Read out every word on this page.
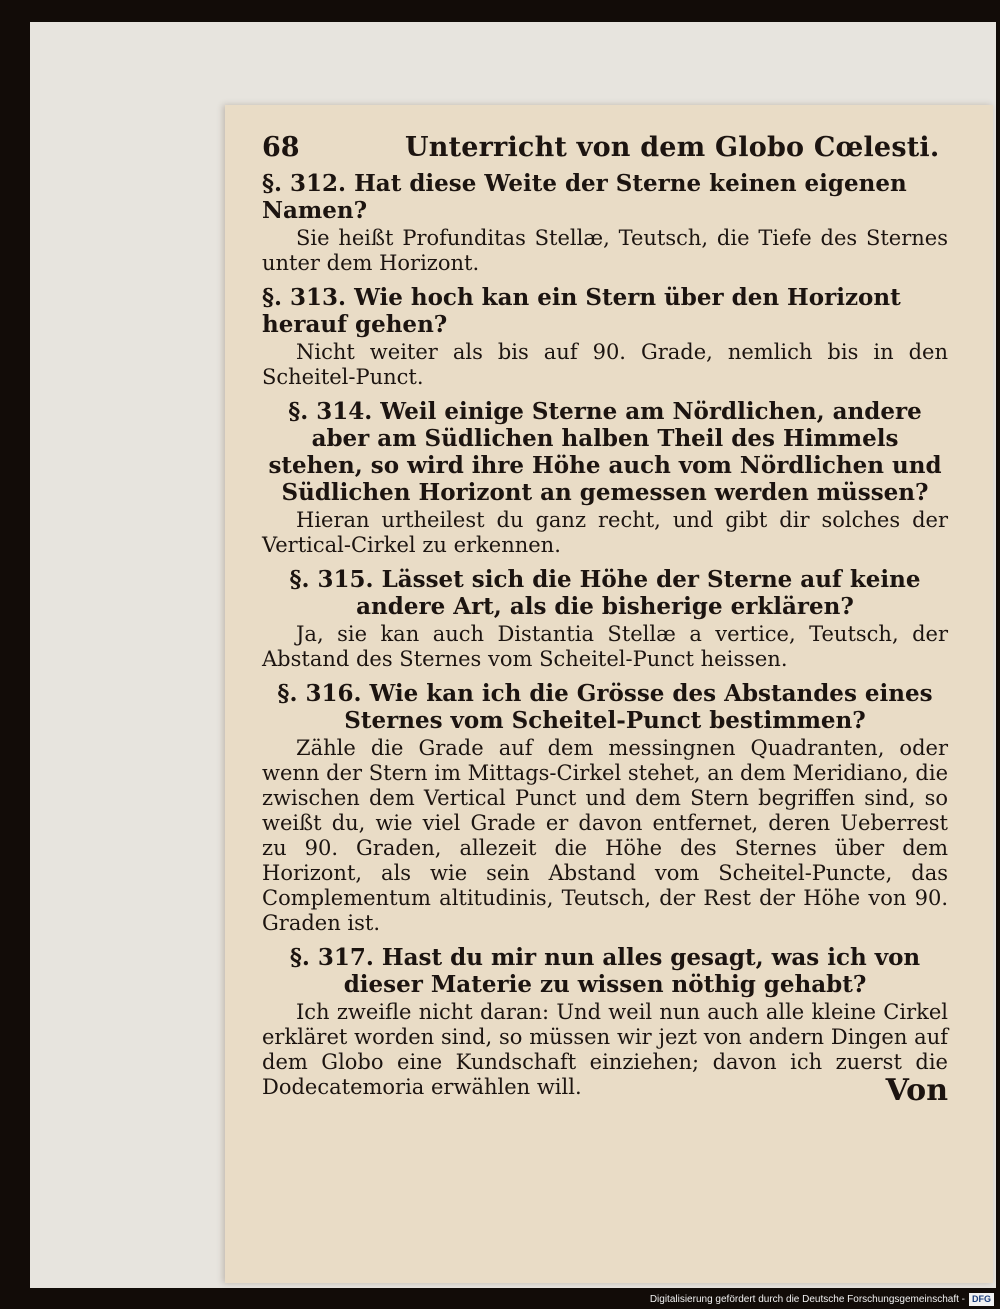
68	Unterricht von dem Globo Cœlesti.

§. 312. Hat diese Weite der Sterne keinen eigenen Namen?

Sie heißt Profunditas Stellæ, Teutsch, die Tiefe des Sternes unter dem Horizont.

§. 313. Wie hoch kan ein Stern über den Horizont herauf gehen?

Nicht weiter als bis auf 90. Grade, nemlich bis in den Scheitel-Punct.

§. 314. Weil einige Sterne am Nördlichen, andere aber am Südlichen halben Theil des Himmels stehen, so wird ihre Höhe auch vom Nördlichen und Südlichen Horizont an gemessen werden müssen?

Hieran urtheilest du ganz recht, und gibt dir solches der Vertical-Cirkel zu erkennen.

§. 315. Lässet sich die Höhe der Sterne auf keine andere Art, als die bisherige erklären?

Ja, sie kan auch Distantia Stellæ a vertice, Teutsch, der Abstand des Sternes vom Scheitel-Punct heissen.

§. 316. Wie kan ich die Grösse des Abstandes eines Sternes vom Scheitel-Punct bestimmen?

Zähle die Grade auf dem messingnen Quadranten, oder wenn der Stern im Mittags-Cirkel stehet, an dem Meridiano, die zwischen dem Vertical Punct und dem Stern begriffen sind, so weißt du, wie viel Grade er davon entfernet, deren Ueberrest zu 90. Graden, allezeit die Höhe des Sternes über dem Horizont, als wie sein Abstand vom Scheitel-Puncte, das Complementum altitudinis, Teutsch, der Rest der Höhe von 90. Graden ist.

§. 317. Hast du mir nun alles gesagt, was ich von dieser Materie zu wissen nöthig gehabt?

Ich zweifle nicht daran: Und weil nun auch alle kleine Cirkel erkläret worden sind, so müssen wir jezt von andern Dingen auf dem Globo eine Kundschaft einziehen; davon ich zuerst die Dodecatemoria erwählen will.	Von
Digitalisierung gefördert durch die Deutsche Forschungsgemeinschaft - DFG
